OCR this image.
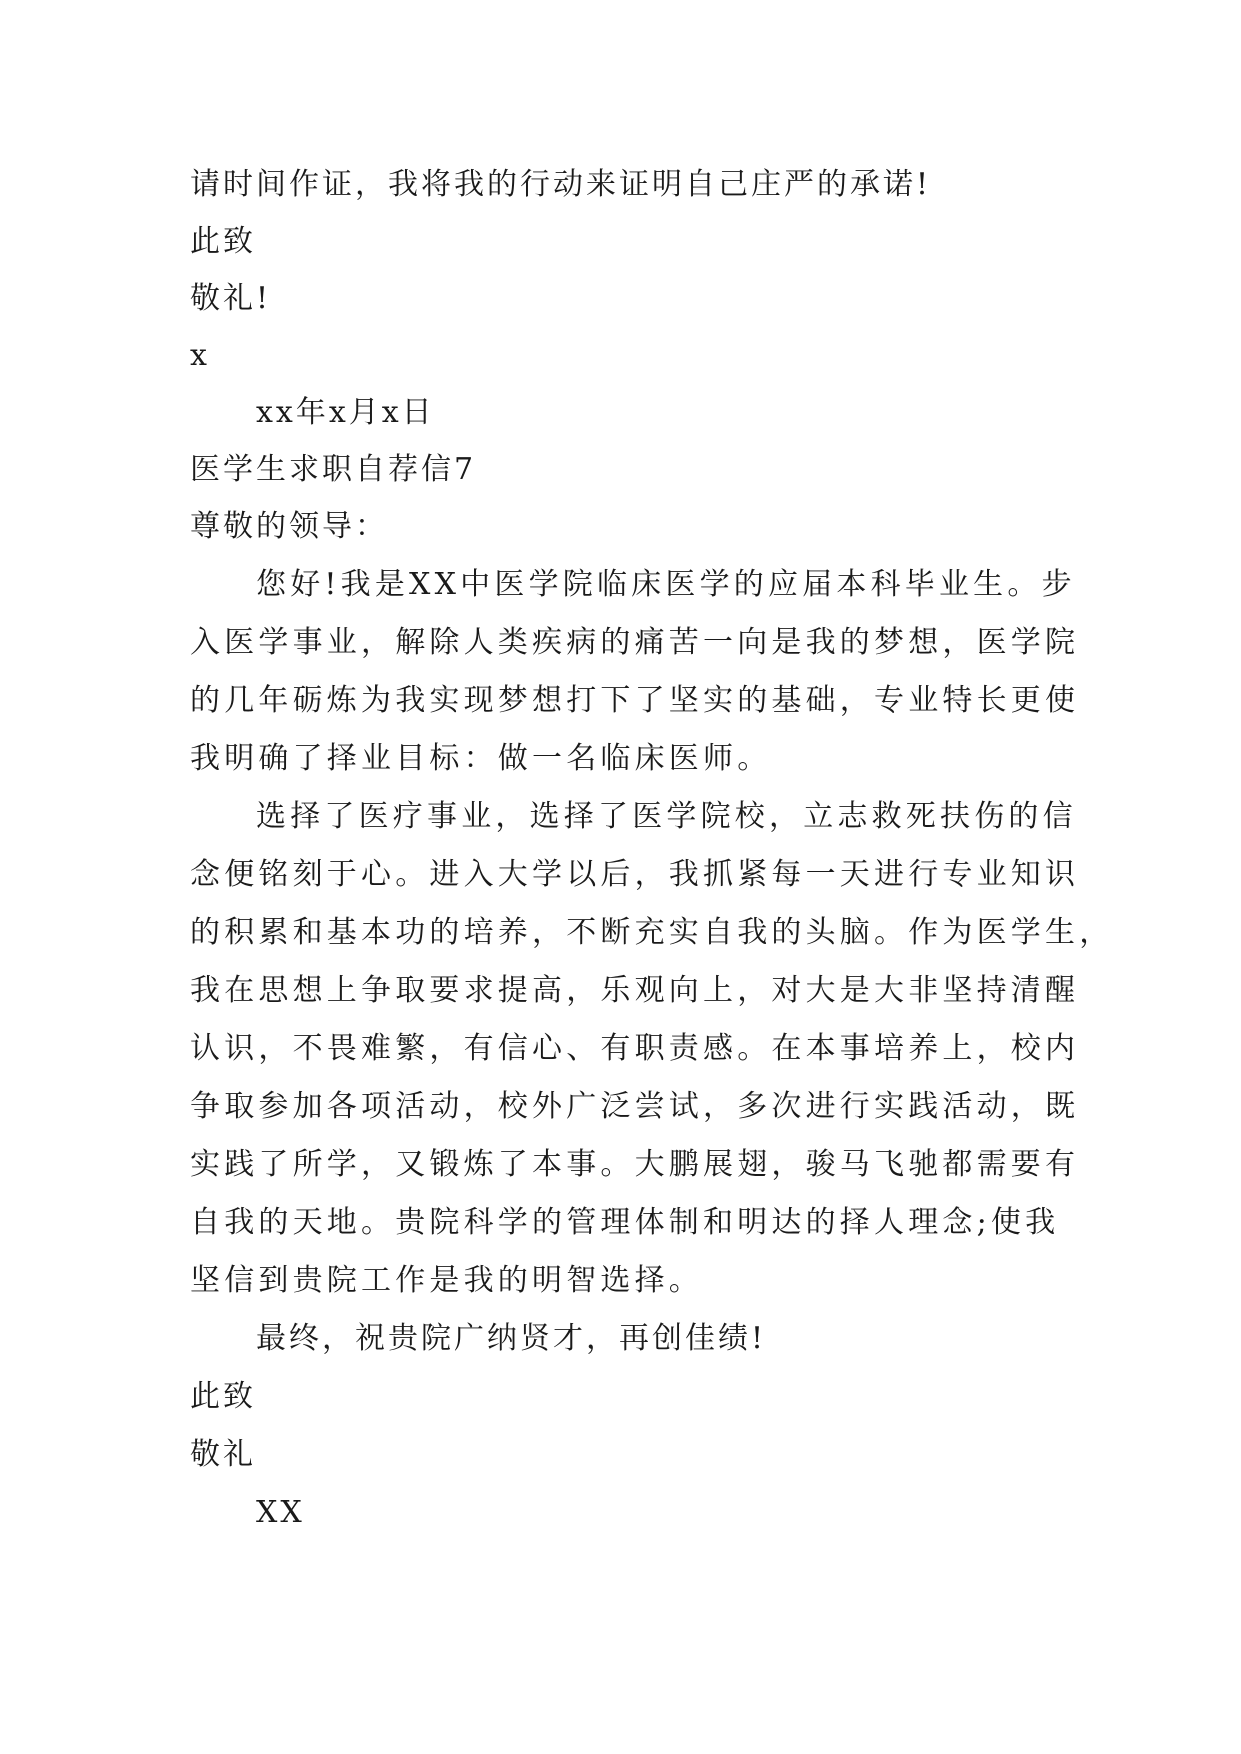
请时间作证，我将我的行动来证明自己庄严的承诺!
此致
敬礼!
x
xx年x月x日
医学生求职自荐信7
尊敬的领导：
您好!我是XX中医学院临床医学的应届本科毕业生。步
入医学事业，解除人类疾病的痛苦一向是我的梦想，医学院
的几年砺炼为我实现梦想打下了坚实的基础，专业特长更使
我明确了择业目标：做一名临床医师。
选择了医疗事业，选择了医学院校，立志救死扶伤的信
念便铭刻于心。进入大学以后，我抓紧每一天进行专业知识
的积累和基本功的培养，不断充实自我的头脑。作为医学生，
我在思想上争取要求提高，乐观向上，对大是大非坚持清醒
认识，不畏难繁，有信心、有职责感。在本事培养上，校内
争取参加各项活动，校外广泛尝试，多次进行实践活动，既
实践了所学，又锻炼了本事。大鹏展翅，骏马飞驰都需要有
自我的天地。贵院科学的管理体制和明达的择人理念;使我
坚信到贵院工作是我的明智选择。
最终，祝贵院广纳贤才，再创佳绩!
此致
敬礼
XX
